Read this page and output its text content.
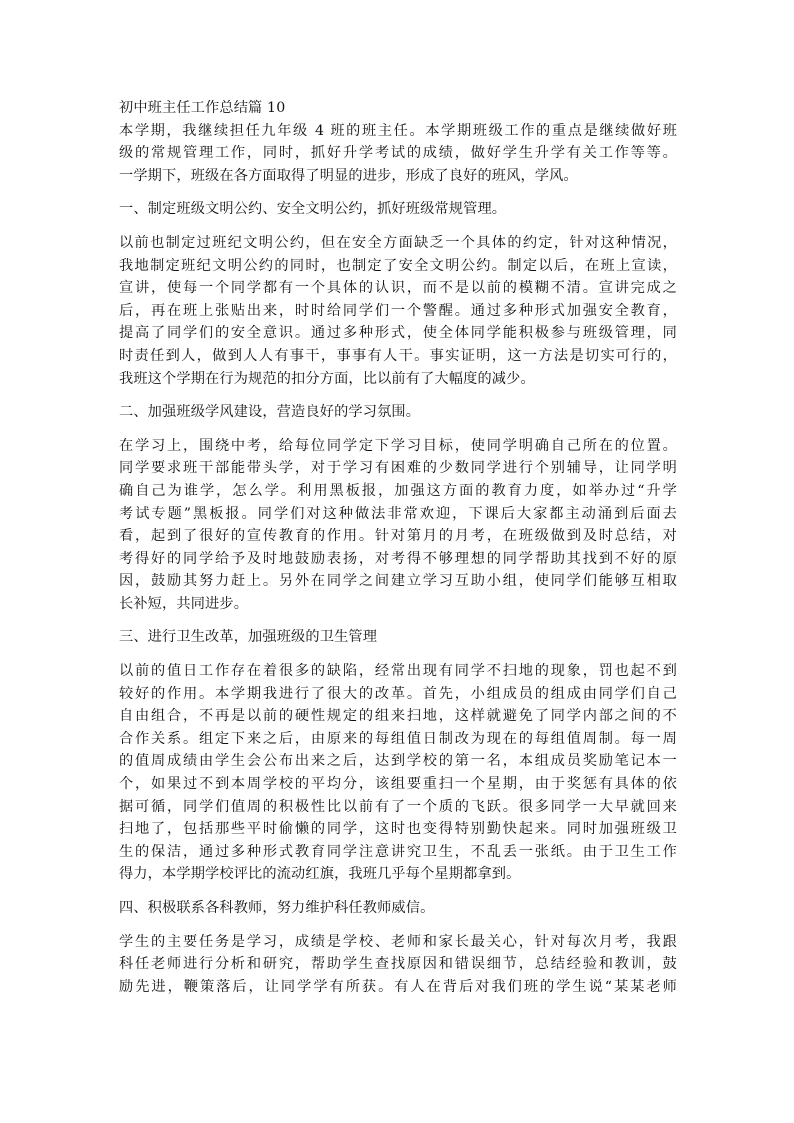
初中班主任工作总结篇 10
本学期，我继续担任九年级 4 班的班主任。本学期班级工作的重点是继续做好班
级的常规管理工作，同时，抓好升学考试的成绩，做好学生升学有关工作等等。
一学期下，班级在各方面取得了明显的进步，形成了良好的班风，学风。
一、制定班级文明公约、安全文明公约，抓好班级常规管理。
以前也制定过班纪文明公约，但在安全方面缺乏一个具体的约定，针对这种情况，
我地制定班纪文明公约的同时，也制定了安全文明公约。制定以后，在班上宣读，
宣讲，使每一个同学都有一个具体的认识，而不是以前的模糊不清。宣讲完成之
后，再在班上张贴出来，时时给同学们一个警醒。通过多种形式加强安全教育，
提高了同学们的安全意识。通过多种形式，使全体同学能积极参与班级管理，同
时责任到人，做到人人有事干，事事有人干。事实证明，这一方法是切实可行的，
我班这个学期在行为规范的扣分方面，比以前有了大幅度的减少。
二、加强班级学风建设，营造良好的学习氛围。
在学习上，围绕中考，给每位同学定下学习目标，使同学明确自己所在的位置。
同学要求班干部能带头学，对于学习有困难的少数同学进行个别辅导，让同学明
确自己为谁学，怎么学。利用黑板报，加强这方面的教育力度，如举办过“升学
考试专题”黑板报。同学们对这种做法非常欢迎，下课后大家都主动涌到后面去
看，起到了很好的宣传教育的作用。针对第月的月考，在班级做到及时总结，对
考得好的同学给予及时地鼓励表扬，对考得不够理想的同学帮助其找到不好的原
因，鼓励其努力赶上。另外在同学之间建立学习互助小组，使同学们能够互相取
长补短，共同进步。
三、进行卫生改革，加强班级的卫生管理
以前的值日工作存在着很多的缺陷，经常出现有同学不扫地的现象，罚也起不到
较好的作用。本学期我进行了很大的改革。首先，小组成员的组成由同学们自己
自由组合，不再是以前的硬性规定的组来扫地，这样就避免了同学内部之间的不
合作关系。组定下来之后，由原来的每组值日制改为现在的每组值周制。每一周
的值周成绩由学生会公布出来之后，达到学校的第一名，本组成员奖励笔记本一
个，如果过不到本周学校的平均分，该组要重扫一个星期，由于奖惩有具体的依
据可循，同学们值周的积极性比以前有了一个质的飞跃。很多同学一大早就回来
扫地了，包括那些平时偷懒的同学，这时也变得特别勤快起来。同时加强班级卫
生的保洁，通过多种形式教育同学注意讲究卫生，不乱丢一张纸。由于卫生工作
得力，本学期学校评比的流动红旗，我班几乎每个星期都拿到。
四、积极联系各科教师，努力维护科任教师威信。
学生的主要任务是学习，成绩是学校、老师和家长最关心，针对每次月考，我跟
科任老师进行分析和研究，帮助学生查找原因和错误细节，总结经验和教训，鼓
励先进，鞭策落后，让同学学有所获。有人在背后对我们班的学生说“某某老师
